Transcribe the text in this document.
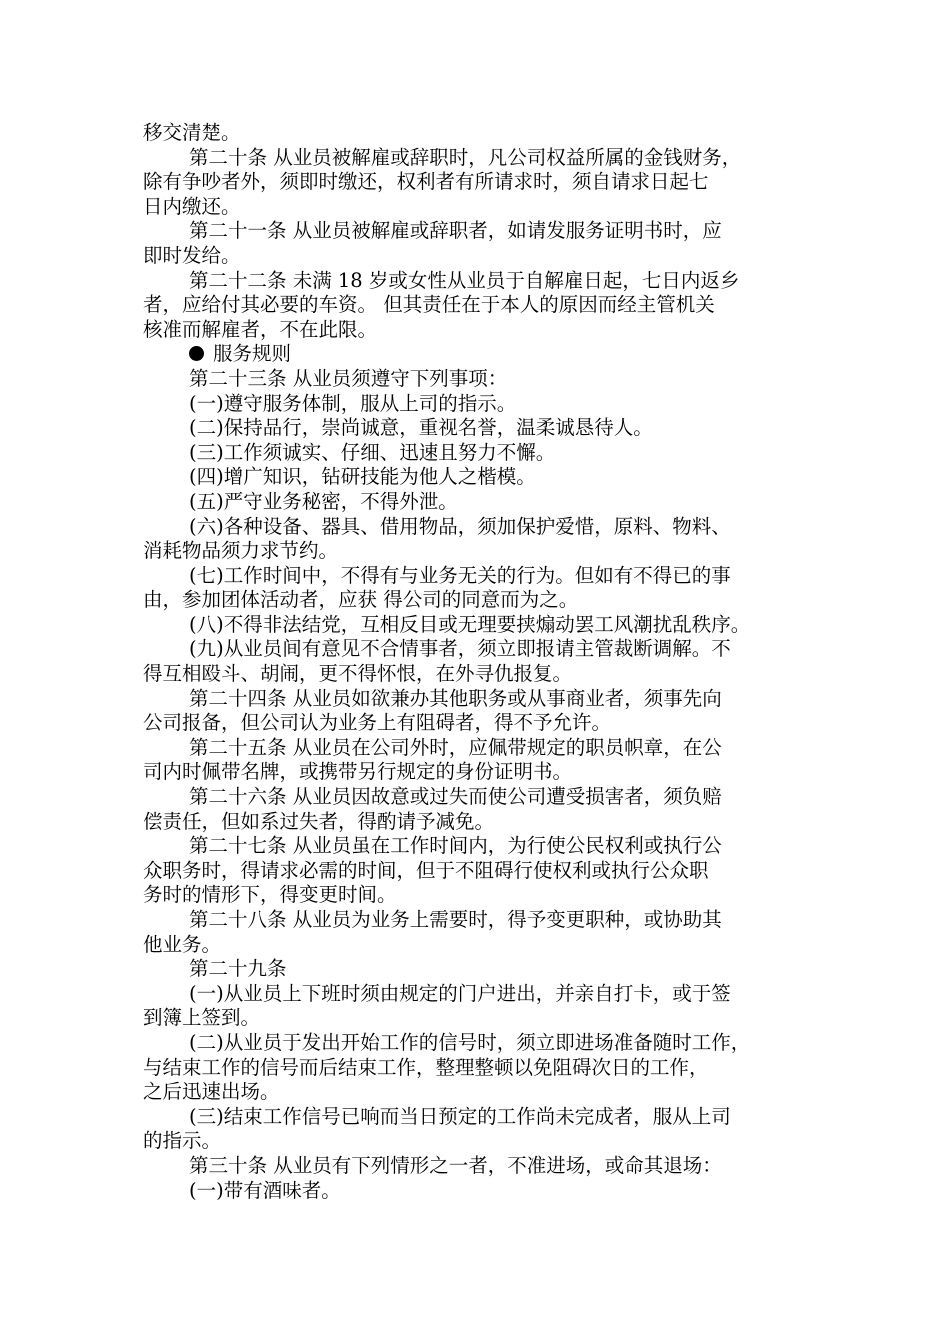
移交清楚。
第二十条 从业员被解雇或辞职时，凡公司权益所属的金钱财务，
除有争吵者外，须即时缴还，权利者有所请求时，须自请求日起七
日内缴还。
第二十一条 从业员被解雇或辞职者，如请发服务证明书时，应
即时发给。
第二十二条 未满 18 岁或女性从业员于自解雇日起，七日内返乡
者，应给付其必要的车资。 但其责任在于本人的原因而经主管机关
核准而解雇者，不在此限。
服务规则
第二十三条 从业员须遵守下列事项：
(一)遵守服务体制，服从上司的指示。
(二)保持品行，崇尚诚意，重视名誉，温柔诚恳待人。
(三)工作须诚实、仔细、迅速且努力不懈。
(四)增广知识，钻研技能为他人之楷模。
(五)严守业务秘密，不得外泄。
(六)各种设备、器具、借用物品，须加保护爱惜，原料、物料、
消耗物品须力求节约。
(七)工作时间中，不得有与业务无关的行为。但如有不得已的事
由，参加团体活动者，应获 得公司的同意而为之。
(八)不得非法结党，互相反目或无理要挟煽动罢工风潮扰乱秩序。
(九)从业员间有意见不合情事者，须立即报请主管裁断调解。不
得互相殴斗、胡闹，更不得怀恨，在外寻仇报复。
第二十四条 从业员如欲兼办其他职务或从事商业者，须事先向
公司报备，但公司认为业务上有阻碍者，得不予允许。
第二十五条 从业员在公司外时，应佩带规定的职员帜章，在公
司内时佩带名牌，或携带另行规定的身份证明书。
第二十六条 从业员因故意或过失而使公司遭受损害者，须负赔
偿责任，但如系过失者，得酌请予减免。
第二十七条 从业员虽在工作时间内，为行使公民权利或执行公
众职务时，得请求必需的时间，但于不阻碍行使权利或执行公众职
务时的情形下，得变更时间。
第二十八条 从业员为业务上需要时，得予变更职种，或协助其
他业务。
第二十九条
(一)从业员上下班时须由规定的门户进出，并亲自打卡，或于签
到簿上签到。
(二)从业员于发出开始工作的信号时，须立即进场准备随时工作，
与结束工作的信号而后结束工作，整理整顿以免阻碍次日的工作，
之后迅速出场。
(三)结束工作信号已响而当日预定的工作尚未完成者，服从上司
的指示。
第三十条 从业员有下列情形之一者，不准进场，或命其退场：
(一)带有酒味者。
